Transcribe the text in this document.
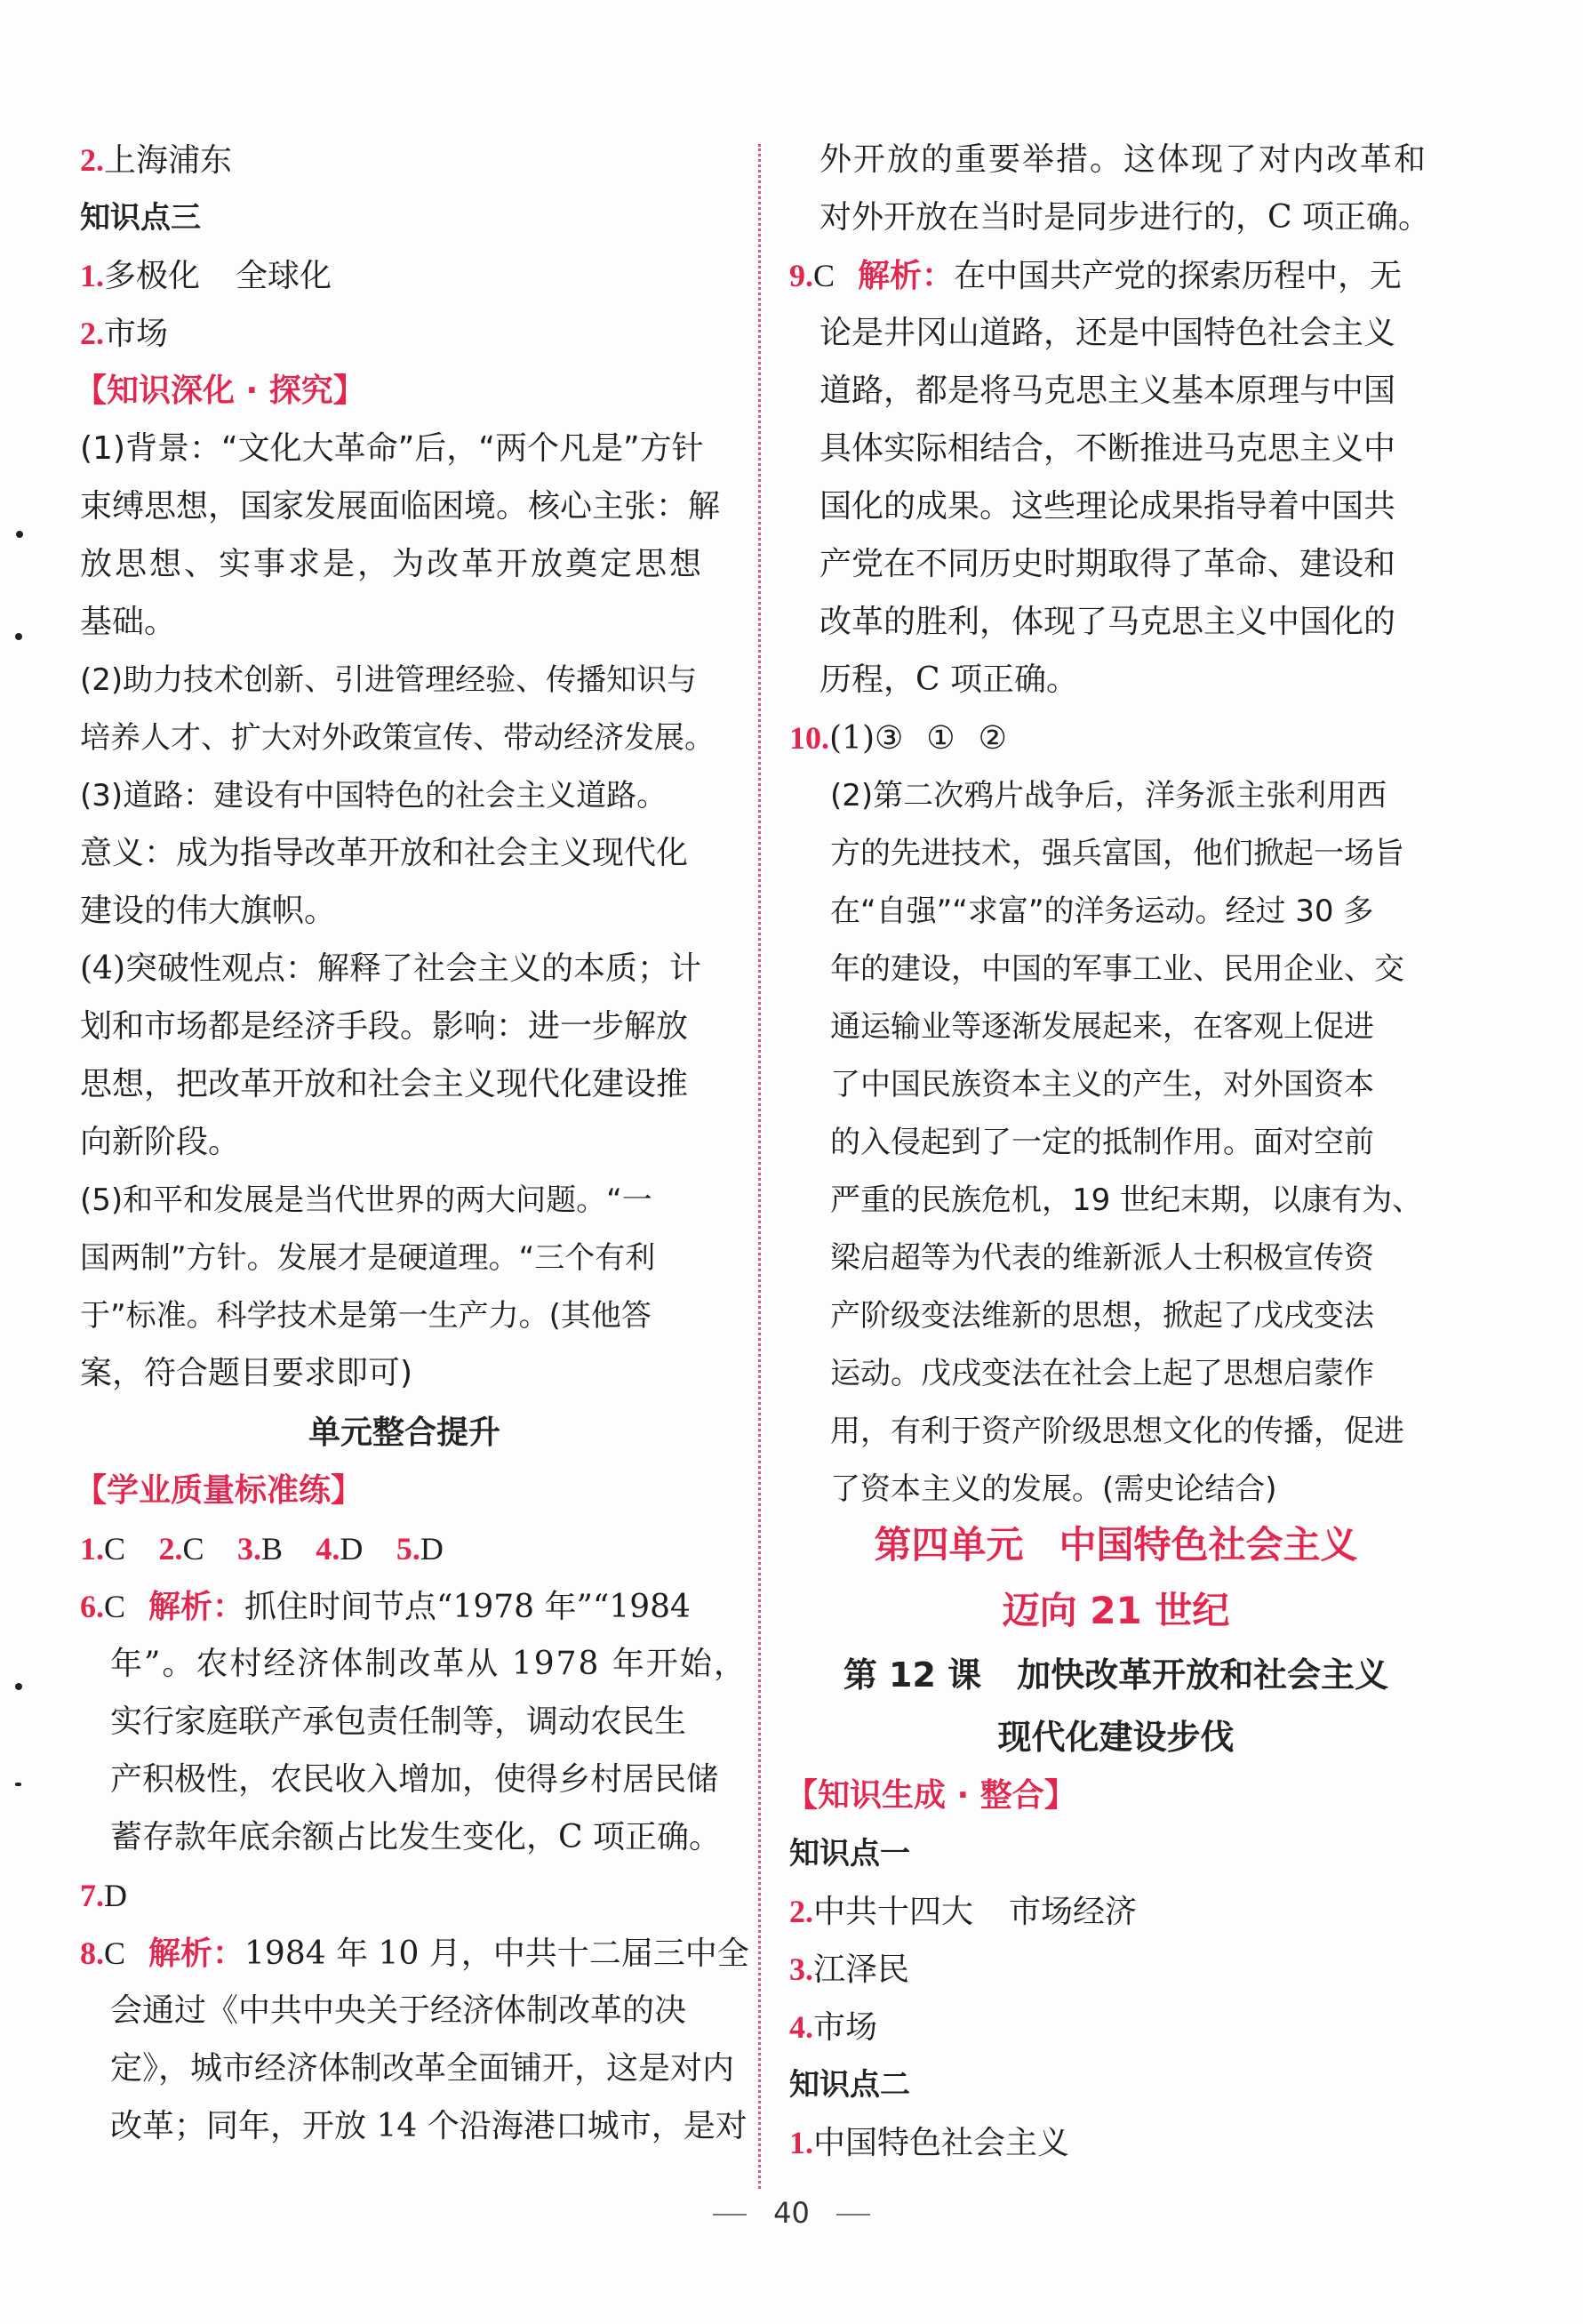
2.上海浦东
知识点三
1.多极化 全球化
2.市场
【知识深化 · 探究】
(1)背景：“文化大革命”后，“两个凡是”方针
束缚思想，国家发展面临困境。核心主张：解
放思想、实事求是，为改革开放奠定思想
基础。
(2)助力技术创新、引进管理经验、传播知识与
培养人才、扩大对外政策宣传、带动经济发展。
(3)道路：建设有中国特色的社会主义道路。
意义：成为指导改革开放和社会主义现代化
建设的伟大旗帜。
(4)突破性观点：解释了社会主义的本质；计
划和市场都是经济手段。影响：进一步解放
思想，把改革开放和社会主义现代化建设推
向新阶段。
(5)和平和发展是当代世界的两大问题。“一
国两制”方针。发展才是硬道理。“三个有利
于”标准。科学技术是第一生产力。(其他答
案，符合题目要求即可)
单元整合提升
【学业质量标准练】
1.C 2.C 3.B 4.D 5.D
6.C 解析：抓住时间节点“1978 年”“1984
年”。农村经济体制改革从 1978 年开始，
实行家庭联产承包责任制等，调动农民生
产积极性，农民收入增加，使得乡村居民储
蓄存款年底余额占比发生变化，C 项正确。
7.D
8.C 解析：1984 年 10 月，中共十二届三中全
会通过《中共中央关于经济体制改革的决
定》，城市经济体制改革全面铺开，这是对内
改革；同年，开放 14 个沿海港口城市，是对
外开放的重要举措。这体现了对内改革和
对外开放在当时是同步进行的，C 项正确。
9.C 解析：在中国共产党的探索历程中，无
论是井冈山道路，还是中国特色社会主义
道路，都是将马克思主义基本原理与中国
具体实际相结合，不断推进马克思主义中
国化的成果。这些理论成果指导着中国共
产党在不同历史时期取得了革命、建设和
改革的胜利，体现了马克思主义中国化的
历程，C 项正确。
10.(1)③ ① ②
(2)第二次鸦片战争后，洋务派主张利用西
方的先进技术，强兵富国，他们掀起一场旨
在“自强”“求富”的洋务运动。经过 30 多
年的建设，中国的军事工业、民用企业、交
通运输业等逐渐发展起来，在客观上促进
了中国民族资本主义的产生，对外国资本
的入侵起到了一定的抵制作用。面对空前
严重的民族危机，19 世纪末期，以康有为、
梁启超等为代表的维新派人士积极宣传资
产阶级变法维新的思想，掀起了戊戌变法
运动。戊戌变法在社会上起了思想启蒙作
用，有利于资产阶级思想文化的传播，促进
了资本主义的发展。(需史论结合)
第四单元 中国特色社会主义
迈向 21 世纪
第 12 课 加快改革开放和社会主义
现代化建设步伐
【知识生成 · 整合】
知识点一
2.中共十四大 市场经济
3.江泽民
4.市场
知识点二
1.中国特色社会主义
40
